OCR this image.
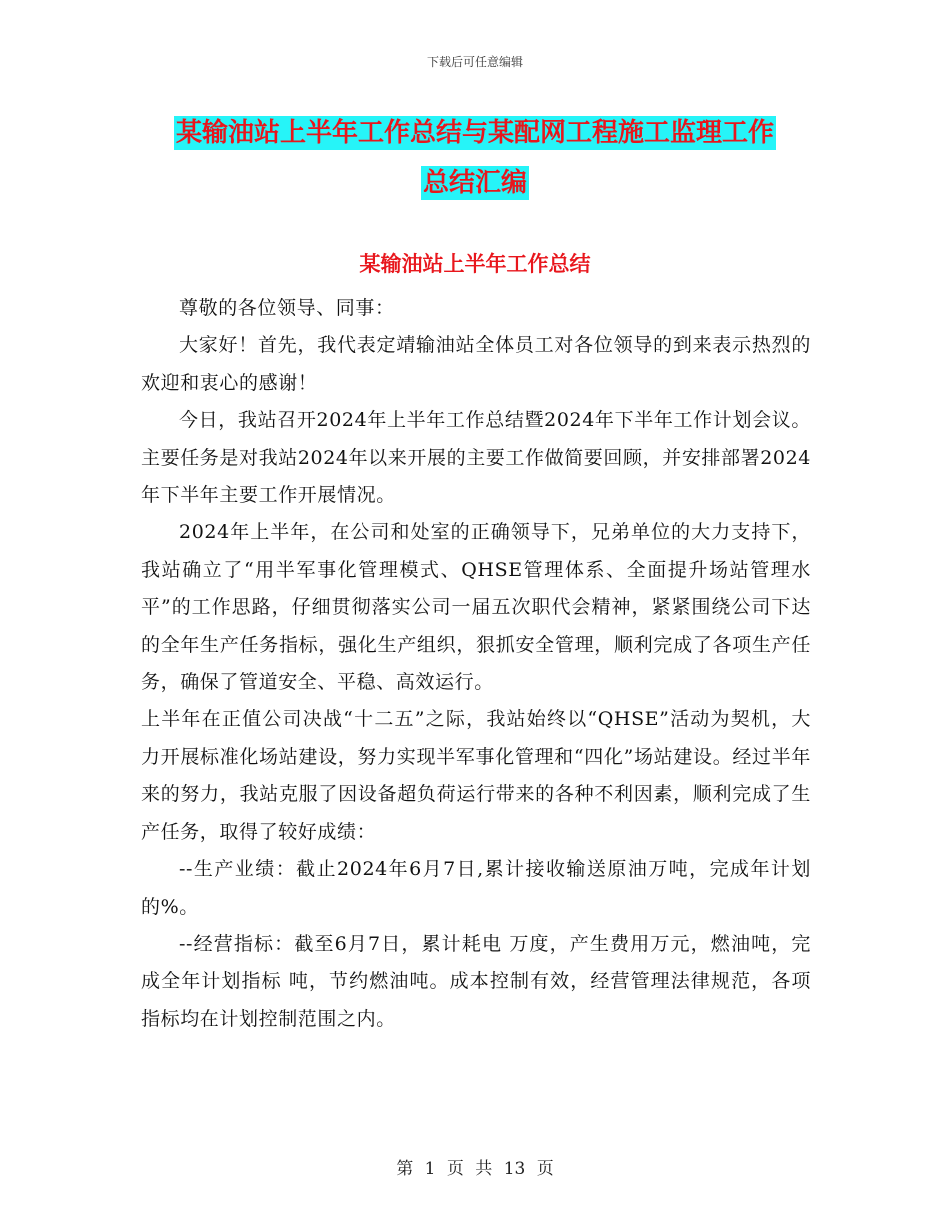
下载后可任意编辑
某输油站上半年工作总结与某配网工程施工监理工作
总结汇编
某输油站上半年工作总结

尊敬的各位领导、同事：

大家好！首先，我代表定靖输油站全体员工对各位领导的到来表示热烈的欢迎和衷心的感谢！

今日，我站召开2024年上半年工作总结暨2024年下半年工作计划会议。主要任务是对我站2024年以来开展的主要工作做简要回顾，并安排部署2024年下半年主要工作开展情况。

2024年上半年，在公司和处室的正确领导下，兄弟单位的大力支持下，我站确立了“用半军事化管理模式、QHSE管理体系、全面提升场站管理水平”的工作思路，仔细贯彻落实公司一届五次职代会精神，紧紧围绕公司下达的全年生产任务指标，强化生产组织，狠抓安全管理，顺利完成了各项生产任务，确保了管道安全、平稳、高效运行。

上半年在正值公司决战“十二五”之际，我站始终以“QHSE”活动为契机，大力开展标准化场站建设，努力实现半军事化管理和“四化”场站建设。经过半年来的努力，我站克服了因设备超负荷运行带来的各种不利因素，顺利完成了生产任务，取得了较好成绩：

--生产业绩：截止2024年6月7日,累计接收输送原油万吨，完成年计划的%。

--经营指标：截至6月7日，累计耗电 万度，产生费用万元，燃油吨，完成全年计划指标 吨，节约燃油吨。成本控制有效，经营管理法律规范，各项指标均在计划控制范围之内。

第 1 页 共 13 页
